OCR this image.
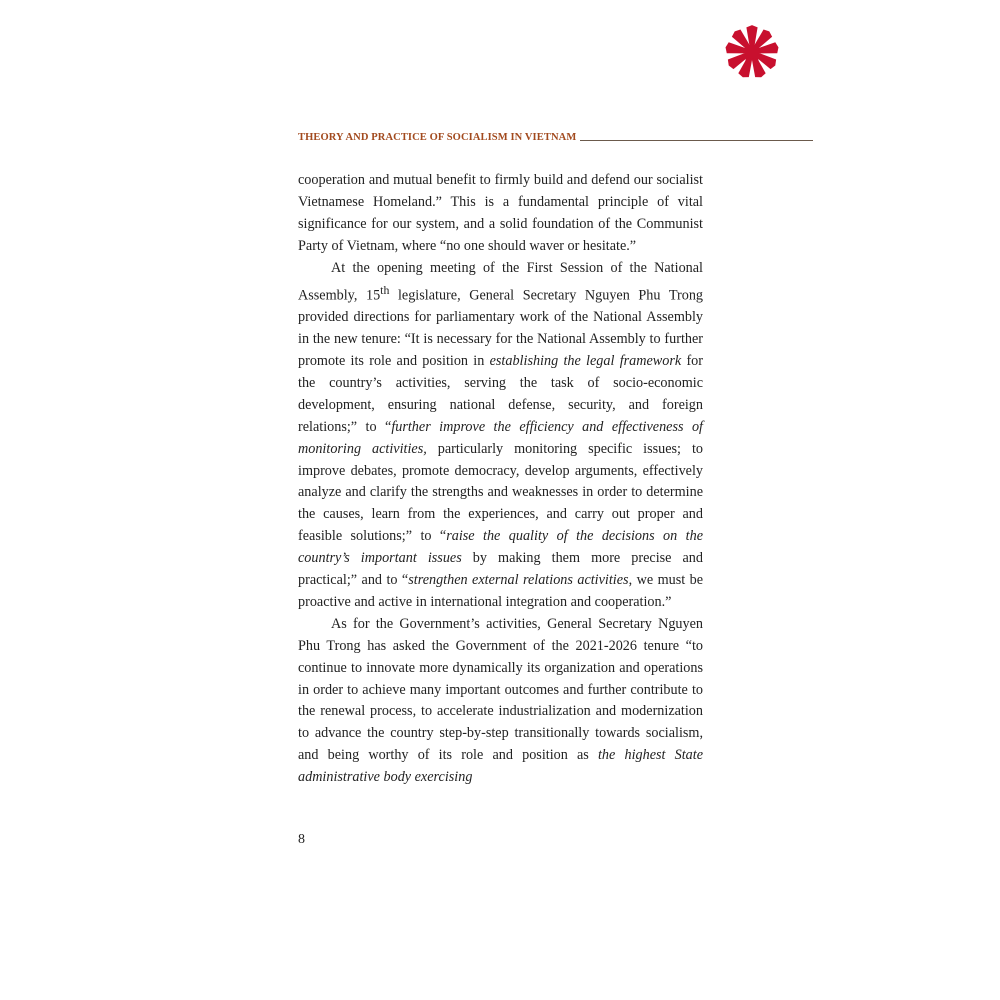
THEORY AND PRACTICE OF SOCIALISM IN VIETNAM

cooperation and mutual benefit to firmly build and defend our socialist Vietnamese Homeland.” This is a fundamental principle of vital significance for our system, and a solid foundation of the Communist Party of Vietnam, where “no one should waver or hesitate.”

At the opening meeting of the First Session of the National Assembly, 15th legislature, General Secretary Nguyen Phu Trong provided directions for parliamentary work of the National Assembly in the new tenure: “It is necessary for the National Assembly to further promote its role and position in establishing the legal framework for the country’s activities, serving the task of socio-economic development, ensuring national defense, security, and foreign relations;” to “further improve the efficiency and effectiveness of monitoring activities, particularly monitoring specific issues; to improve debates, promote democracy, develop arguments, effectively analyze and clarify the strengths and weaknesses in order to determine the causes, learn from the experiences, and carry out proper and feasible solutions;” to “raise the quality of the decisions on the country’s important issues by making them more precise and practical;” and to “strengthen external relations activities, we must be proactive and active in international integration and cooperation.”

As for the Government’s activities, General Secretary Nguyen Phu Trong has asked the Government of the 2021-2026 tenure “to continue to innovate more dynamically its organization and operations in order to achieve many important outcomes and further contribute to the renewal process, to accelerate industrialization and modernization to advance the country step-by-step transitionally towards socialism, and being worthy of its role and position as the highest State administrative body exercising

8
